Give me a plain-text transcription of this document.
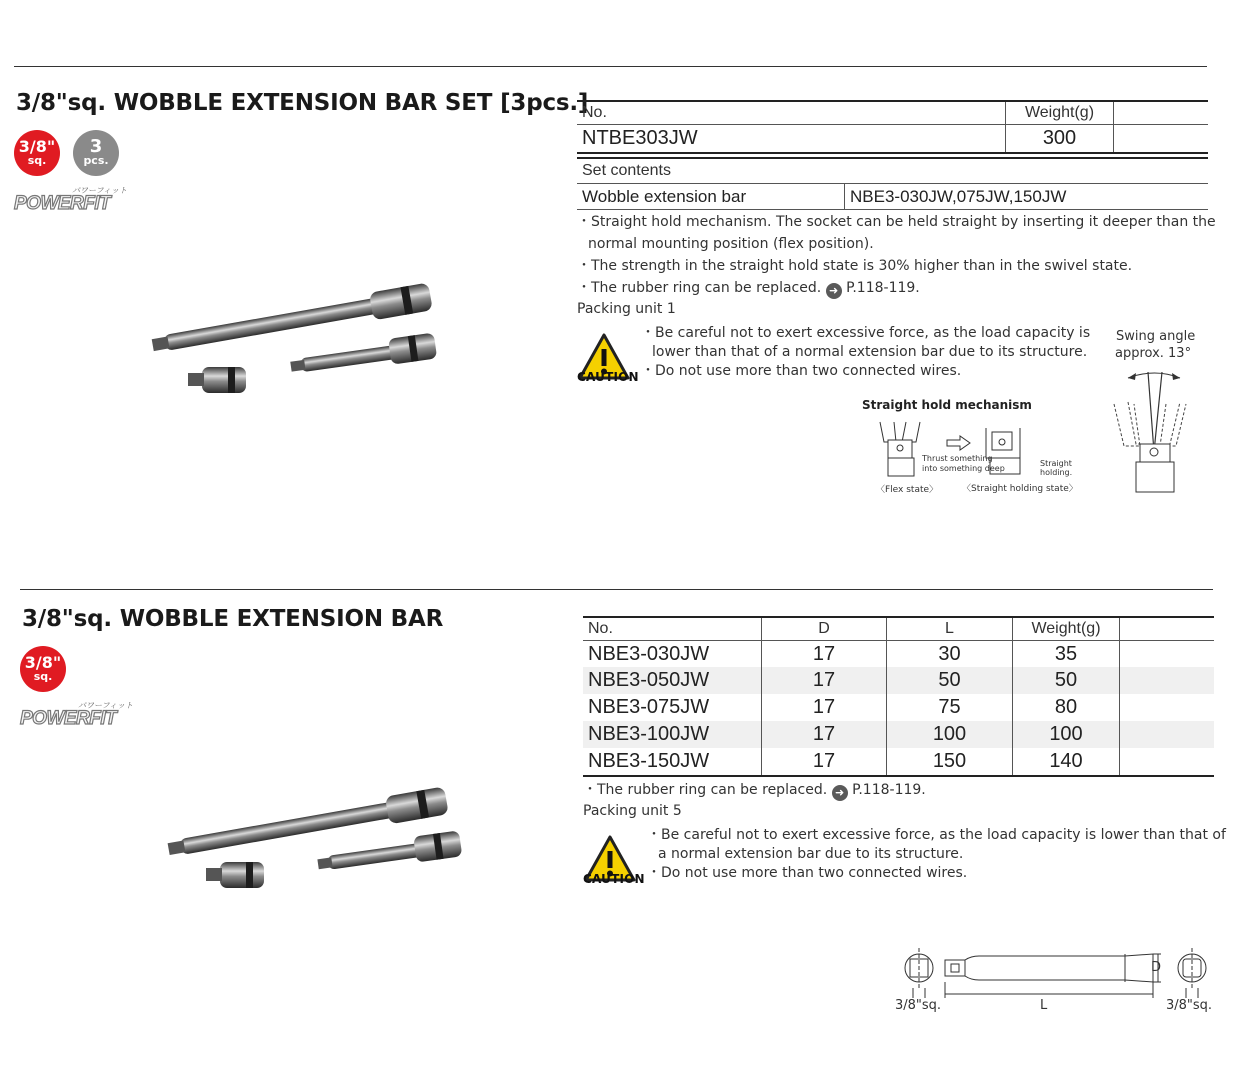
3/8"sq. WOBBLE EXTENSION BAR SET [3pcs.]
3/8"
sq.
3
pcs.
パワーフィット
POWERFIT
No.	Weight(g)	
NTBE303JW	300	
Set contents
Wobble extension bar	NBE3-030JW,075JW,150JW
・Straight hold mechanism. The socket can be held straight by inserting it deeper than the
normal mounting position (flex position).
・The strength in the straight hold state is 30% higher than in the swivel state.
・The rubber ring can be replaced. ➜ P.118-119.
Packing unit 1
CAUTION
・Be careful not to exert excessive force, as the load capacity is
lower than that of a normal extension bar due to its structure.
・Do not use more than two connected wires.
Swing angle
approx. 13°
Straight hold mechanism
Thrust something
into something deep
Straight
holding.
〈Flex state〉	〈Straight holding state〉
3/8"sq. WOBBLE EXTENSION BAR
3/8"
sq.
パワーフィット
POWERFIT
No.	D	L	Weight(g)	
NBE3-030JW	17	30	35	
NBE3-050JW	17	50	50	
NBE3-075JW	17	75	80	
NBE3-100JW	17	100	100	
NBE3-150JW	17	150	140	
・The rubber ring can be replaced. ➜ P.118-119.
Packing unit 5
CAUTION
・Be careful not to exert excessive force, as the load capacity is lower than that of
a normal extension bar due to its structure.
・Do not use more than two connected wires.
D
3/8"sq.	L	3/8"sq.
